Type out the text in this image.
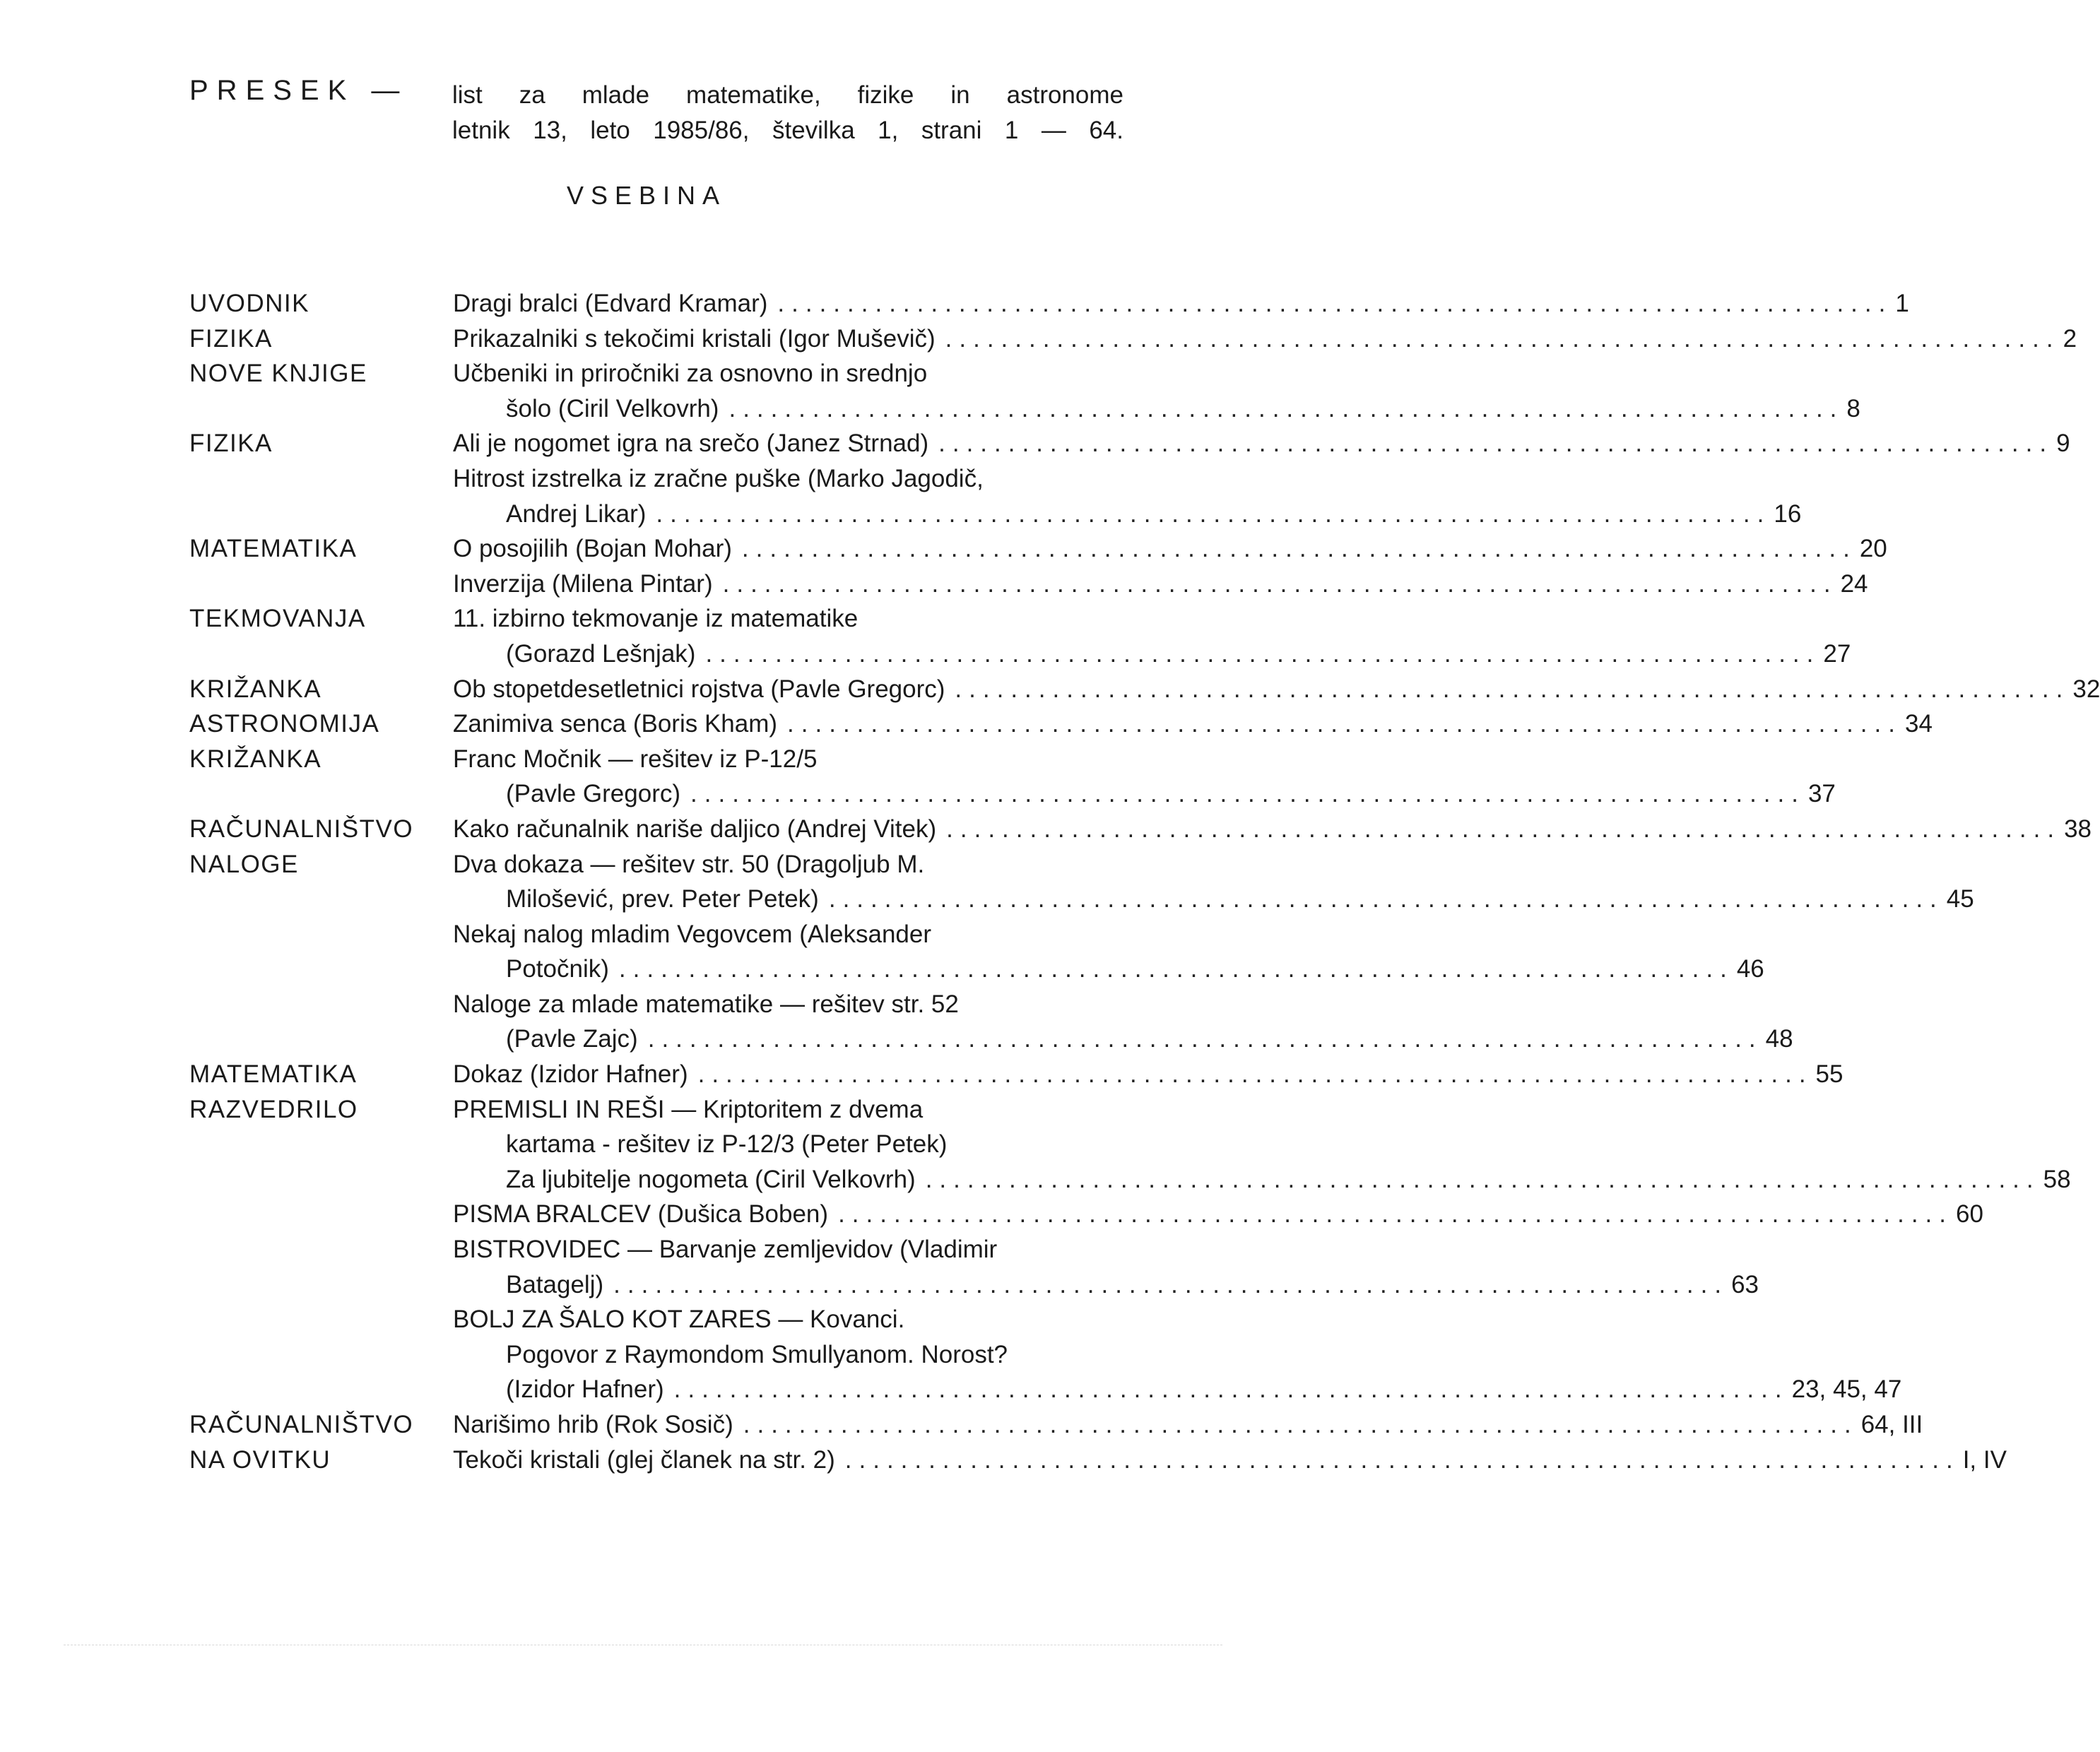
PRESEK — list za mlade matematike, fizike in astronome
letnik 13, leto 1985/86, številka 1, strani 1 — 64.
VSEBINA
UVODNIK	Dragi bralci (Edvard Kramar) ................................................................................ 1
FIZIKA	Prikazalniki s tekočimi kristali (Igor Muševič) ................................................................................ 2
NOVE KNJIGE	Učbeniki in priročniki za osnovno in srednjo
šolo (Ciril Velkovrh) ................................................................................ 8
FIZIKA	Ali je nogomet igra na srečo (Janez Strnad) ................................................................................ 9
Hitrost izstrelka iz zračne puške (Marko Jagodič,
Andrej Likar) ................................................................................ 16
MATEMATIKA	O posojilih (Bojan Mohar) ................................................................................ 20
Inverzija (Milena Pintar) ................................................................................ 24
TEKMOVANJA	11. izbirno tekmovanje iz matematike
(Gorazd Lešnjak) ................................................................................ 27
KRIŽANKA	Ob stopetdesetletnici rojstva (Pavle Gregorc) ................................................................................ 32
ASTRONOMIJA	Zanimiva senca (Boris Kham) ................................................................................ 34
KRIŽANKA	Franc Močnik — rešitev iz P-12/5
(Pavle Gregorc) ................................................................................ 37
RAČUNALNIŠTVO Kako računalnik nariše daljico (Andrej Vitek) ................................................................................ 38
NALOGE	Dva dokaza — rešitev str. 50 (Dragoljub M.
Milošević, prev. Peter Petek) ................................................................................ 45
Nekaj nalog mladim Vegovcem (Aleksander
Potočnik) ................................................................................ 46
Naloge za mlade matematike — rešitev str. 52
(Pavle Zajc) ................................................................................ 48
MATEMATIKA	Dokaz (Izidor Hafner) ................................................................................ 55
RAZVEDRILO	PREMISLI IN REŠI — Kriptoritem z dvema
kartama - rešitev iz P-12/3 (Peter Petek)
Za ljubitelje nogometa (Ciril Velkovrh) ................................................................................ 58
PISMA BRALCEV (Dušica Boben) ................................................................................ 60
BISTROVIDEC — Barvanje zemljevidov (Vladimir
Batagelj) ................................................................................ 63
BOLJ ZA ŠALO KOT ZARES — Kovanci.
Pogovor z Raymondom Smullyanom. Norost?
(Izidor Hafner) ................................................................................ 23, 45, 47
RAČUNALNIŠTVO Narišimo hrib (Rok Sosič) ................................................................................ 64, III
NA OVITKU	Tekoči kristali (glej članek na str. 2) ................................................................................ I, IV
